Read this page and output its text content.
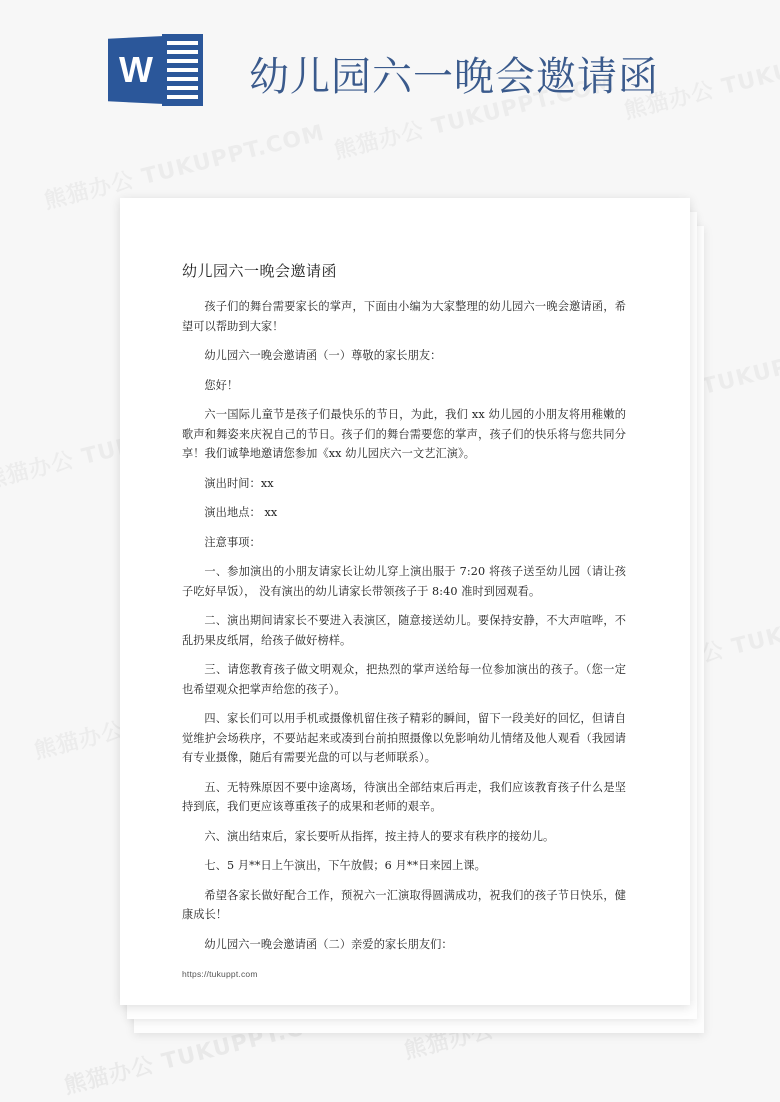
W 幼儿园六一晚会邀请函
幼儿园六一晚会邀请函

孩子们的舞台需要家长的掌声，下面由小编为大家整理的幼儿园六一晚会邀请函，希望可以帮助到大家！

幼儿园六一晚会邀请函（一）尊敬的家长朋友：

您好！

六一国际儿童节是孩子们最快乐的节日，为此，我们 xx 幼儿园的小朋友将用稚嫩的歌声和舞姿来庆祝自己的节日。孩子们的舞台需要您的掌声，孩子们的快乐将与您共同分享！我们诚挚地邀请您参加《xx 幼儿园庆六一文艺汇演》。

演出时间：xx

演出地点： xx

注意事项：

一、参加演出的小朋友请家长让幼儿穿上演出服于 7:20 将孩子送至幼儿园（请让孩子吃好早饭）， 没有演出的幼儿请家长带领孩子于 8:40 准时到园观看。

二、演出期间请家长不要进入表演区，随意接送幼儿。要保持安静，不大声喧哗，不乱扔果皮纸屑，给孩子做好榜样。

三、请您教育孩子做文明观众，把热烈的掌声送给每一位参加演出的孩子。（您一定也希望观众把掌声给您的孩子）。

四、家长们可以用手机或摄像机留住孩子精彩的瞬间，留下一段美好的回忆，但请自觉维护会场秩序，不要站起来或凑到台前拍照摄像以免影响幼儿情绪及他人观看（我园请有专业摄像，随后有需要光盘的可以与老师联系）。

五、无特殊原因不要中途离场，待演出全部结束后再走，我们应该教育孩子什么是坚持到底，我们更应该尊重孩子的成果和老师的艰辛。

六、演出结束后，家长要听从指挥，按主持人的要求有秩序的接幼儿。

七、5 月**日上午演出，下午放假；6 月**日来园上课。

希望各家长做好配合工作，预祝六一汇演取得圆满成功，祝我们的孩子节日快乐，健康成长！

幼儿园六一晚会邀请函（二）亲爱的家长朋友们：

https://tukuppt.com
熊猫办公 TUKUPPT.COM
